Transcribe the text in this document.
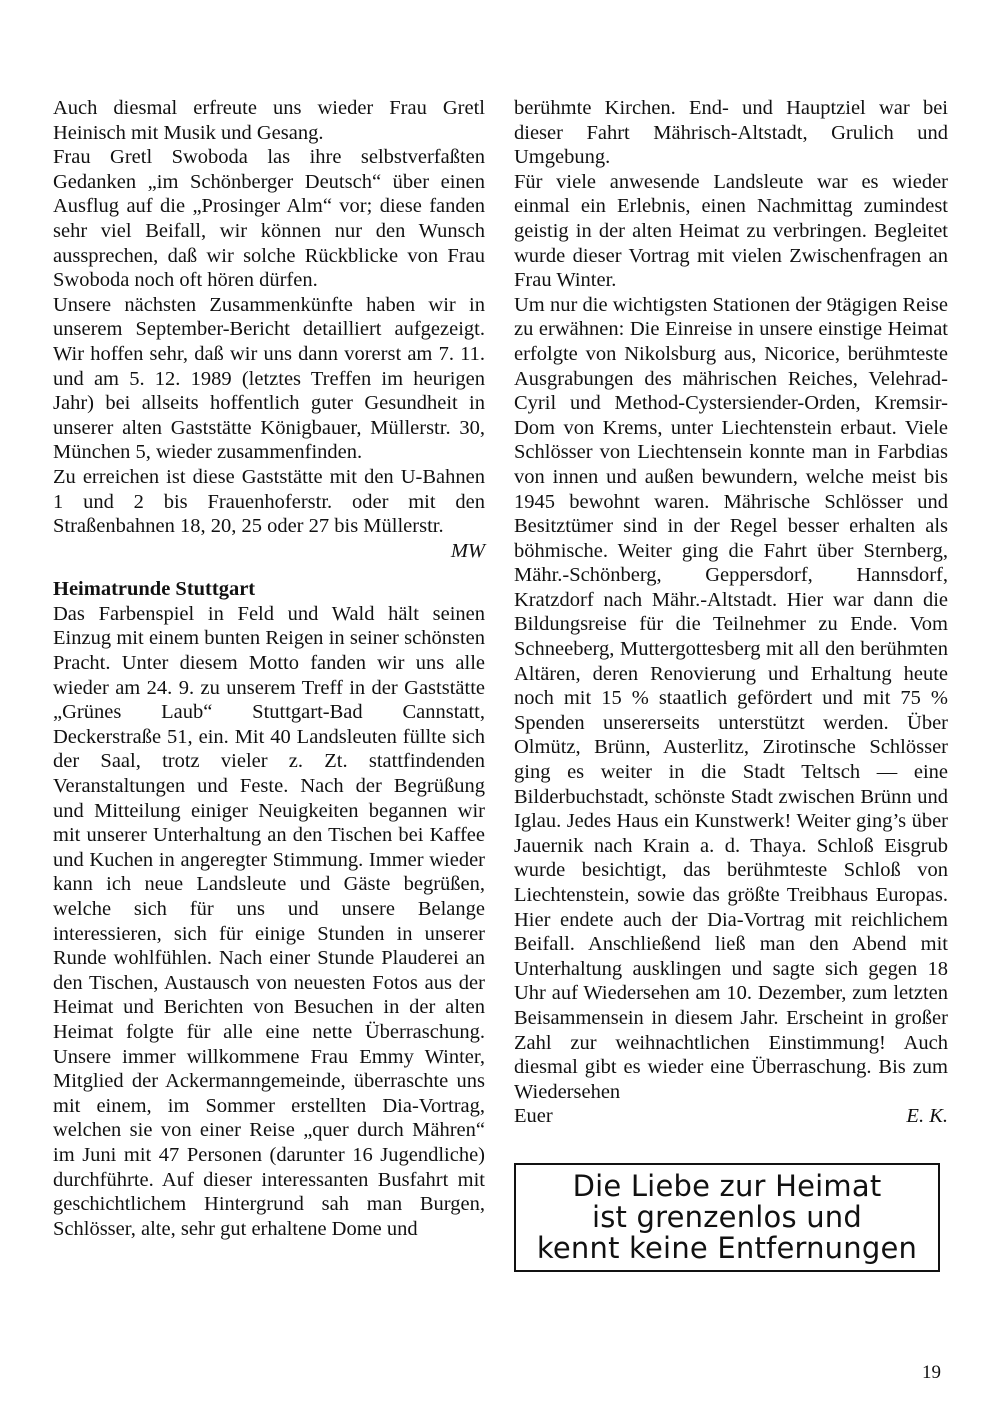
Auch diesmal erfreute uns wieder Frau Gretl Heinisch mit Musik und Gesang.

Frau Gretl Swoboda las ihre selbstverfaßten Gedanken „im Schönberger Deutsch“ über einen Ausflug auf die „Prosinger Alm“ vor; diese fanden sehr viel Beifall, wir können nur den Wunsch aussprechen, daß wir solche Rückblicke von Frau Swoboda noch oft hören dürfen.

Unsere nächsten Zusammenkünfte haben wir in unserem September-Bericht detailliert aufgezeigt. Wir hoffen sehr, daß wir uns dann vorerst am 7. 11. und am 5. 12. 1989 (letztes Treffen im heurigen Jahr) bei allseits hoffentlich guter Gesundheit in unserer alten Gaststätte Königbauer, Müllerstr. 30, München 5, wieder zusammenfinden.

Zu erreichen ist diese Gaststätte mit den U-Bahnen 1 und 2 bis Frauenhoferstr. oder mit den Straßenbahnen 18, 20, 25 oder 27 bis Müllerstr.

MW
Heimatrunde Stuttgart

Das Farbenspiel in Feld und Wald hält seinen Einzug mit einem bunten Reigen in seiner schönsten Pracht. Unter diesem Motto fanden wir uns alle wieder am 24. 9. zu unserem Treff in der Gaststätte „Grünes Laub“ Stuttgart-Bad Cannstatt, Deckerstraße 51, ein. Mit 40 Landsleuten füllte sich der Saal, trotz vieler z. Zt. stattfindenden Veranstaltungen und Feste. Nach der Begrüßung und Mitteilung einiger Neuigkeiten begannen wir mit unserer Unterhaltung an den Tischen bei Kaffee und Kuchen in angeregter Stimmung. Immer wieder kann ich neue Landsleute und Gäste begrüßen, welche sich für uns und unsere Belange interessieren, sich für einige Stunden in unserer Runde wohlfühlen. Nach einer Stunde Plauderei an den Tischen, Austausch von neuesten Fotos aus der Heimat und Berichten von Besuchen in der alten Heimat folgte für alle eine nette Überraschung. Unsere immer willkommene Frau Emmy Winter, Mitglied der Ackermanngemeinde, überraschte uns mit einem, im Sommer erstellten Dia-Vortrag, welchen sie von einer Reise „quer durch Mähren“ im Juni mit 47 Personen (darunter 16 Jugendliche) durchführte. Auf dieser interessanten Busfahrt mit geschichtlichem Hintergrund sah man Burgen, Schlösser, alte, sehr gut erhaltene Dome und

berühmte Kirchen. End- und Hauptziel war bei dieser Fahrt Mährisch-Altstadt, Grulich und Umgebung.

Für viele anwesende Landsleute war es wieder einmal ein Erlebnis, einen Nachmittag zumindest geistig in der alten Heimat zu verbringen. Begleitet wurde dieser Vortrag mit vielen Zwischenfragen an Frau Winter.

Um nur die wichtigsten Stationen der 9tägigen Reise zu erwähnen: Die Einreise in unsere einstige Heimat erfolgte von Nikolsburg aus, Nicorice, berühmteste Ausgrabungen des mährischen Reiches, Velehrad-Cyril und Method-Cystersiender-Orden, Kremsir-Dom von Krems, unter Liechtenstein erbaut. Viele Schlösser von Liechtensein konnte man in Farbdias von innen und außen bewundern, welche meist bis 1945 bewohnt waren. Mährische Schlösser und Besitztümer sind in der Regel besser erhalten als böhmische. Weiter ging die Fahrt über Sternberg, Mähr.-Schönberg, Geppersdorf, Hannsdorf, Kratzdorf nach Mähr.-Altstadt. Hier war dann die Bildungsreise für die Teilnehmer zu Ende. Vom Schneeberg, Muttergottesberg mit all den berühmten Altären, deren Renovierung und Erhaltung heute noch mit 15 % staatlich gefördert und mit 75 % Spenden unsererseits unterstützt werden. Über Olmütz, Brünn, Austerlitz, Zirotinsche Schlösser ging es weiter in die Stadt Teltsch — eine Bilderbuchstadt, schönste Stadt zwischen Brünn und Iglau. Jedes Haus ein Kunstwerk! Weiter ging’s über Jauernik nach Krain a. d. Thaya. Schloß Eisgrub wurde besichtigt, das berühmteste Schloß von Liechtenstein, sowie das größte Treibhaus Europas. Hier endete auch der Dia-Vortrag mit reichlichem Beifall. Anschließend ließ man den Abend mit Unterhaltung ausklingen und sagte sich gegen 18 Uhr auf Wiedersehen am 10. Dezember, zum letzten Beisammensein in diesem Jahr. Erscheint in großer Zahl zur weihnachtlichen Einstimmung! Auch diesmal gibt es wieder eine Überraschung. Bis zum Wiedersehen

Euer	E. K.
Die Liebe zur Heimat
ist grenzenlos und
kennt keine Entfernungen
19
